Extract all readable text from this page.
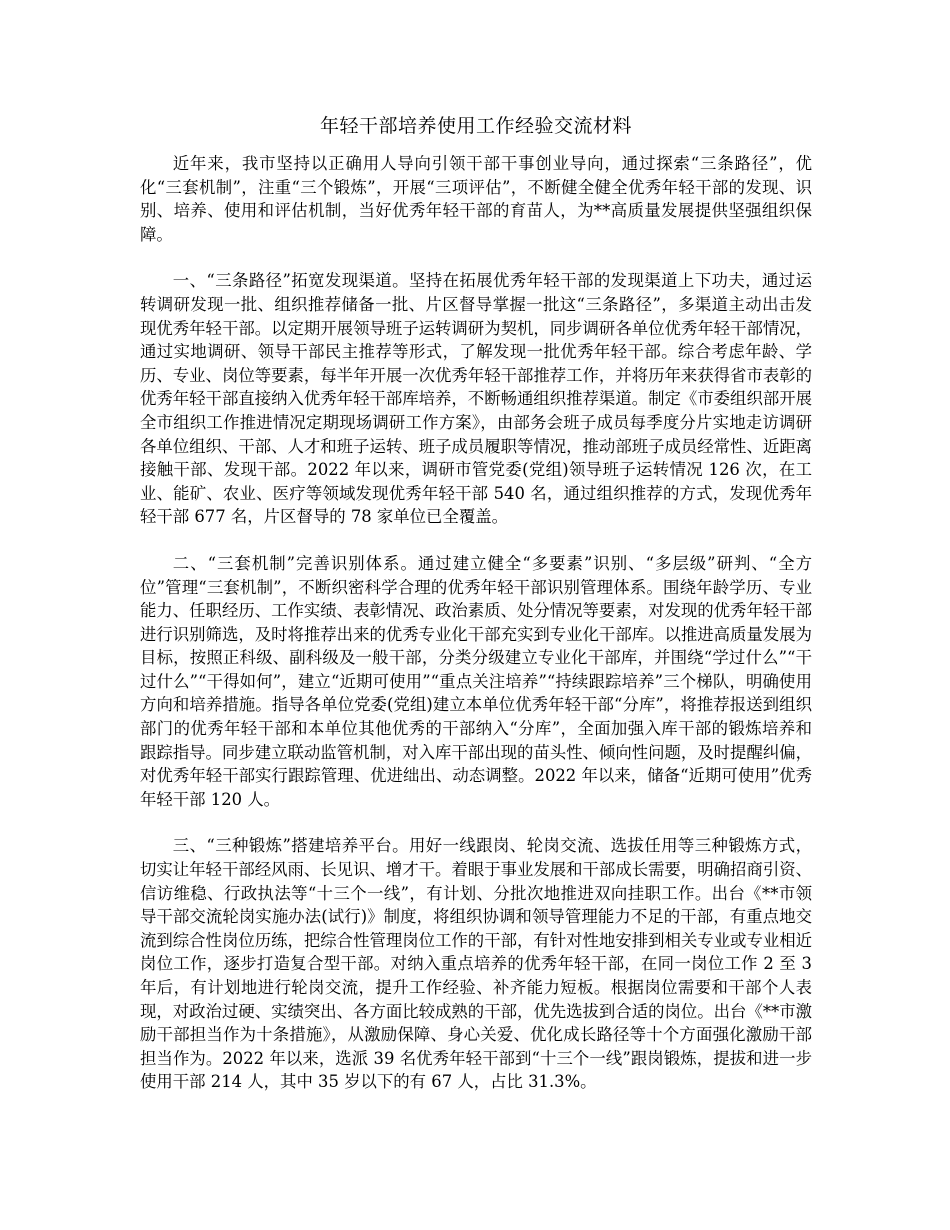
年轻干部培养使用工作经验交流材料

近年来，我市坚持以正确用人导向引领干部干事创业导向，通过探索“三条路径”，优化“三套机制”，注重“三个锻炼”，开展“三项评估”，不断健全健全优秀年轻干部的发现、识别、培养、使用和评估机制，当好优秀年轻干部的育苗人，为**高质量发展提供坚强组织保障。

一、“三条路径”拓宽发现渠道。坚持在拓展优秀年轻干部的发现渠道上下功夫，通过运转调研发现一批、组织推荐储备一批、片区督导掌握一批这“三条路径”，多渠道主动出击发现优秀年轻干部。以定期开展领导班子运转调研为契机，同步调研各单位优秀年轻干部情况，通过实地调研、领导干部民主推荐等形式，了解发现一批优秀年轻干部。综合考虑年龄、学历、专业、岗位等要素，每半年开展一次优秀年轻干部推荐工作，并将历年来获得省市表彰的优秀年轻干部直接纳入优秀年轻干部库培养，不断畅通组织推荐渠道。制定《市委组织部开展全市组织工作推进情况定期现场调研工作方案》，由部务会班子成员每季度分片实地走访调研各单位组织、干部、人才和班子运转、班子成员履职等情况，推动部班子成员经常性、近距离接触干部、发现干部。2022 年以来，调研市管党委(党组)领导班子运转情况 126 次，在工业、能矿、农业、医疗等领域发现优秀年轻干部 540 名，通过组织推荐的方式，发现优秀年轻干部 677 名，片区督导的 78 家单位已全覆盖。

二、“三套机制”完善识别体系。通过建立健全“多要素”识别、“多层级”研判、“全方位”管理“三套机制”，不断织密科学合理的优秀年轻干部识别管理体系。围绕年龄学历、专业能力、任职经历、工作实绩、表彰情况、政治素质、处分情况等要素，对发现的优秀年轻干部进行识别筛选，及时将推荐出来的优秀专业化干部充实到专业化干部库。以推进高质量发展为目标，按照正科级、副科级及一般干部，分类分级建立专业化干部库，并围绕“学过什么”“干过什么”“干得如何”，建立“近期可使用”“重点关注培养”“持续跟踪培养”三个梯队，明确使用方向和培养措施。指导各单位党委(党组)建立本单位优秀年轻干部“分库”，将推荐报送到组织部门的优秀年轻干部和本单位其他优秀的干部纳入“分库”，全面加强入库干部的锻炼培养和跟踪指导。同步建立联动监管机制，对入库干部出现的苗头性、倾向性问题，及时提醒纠偏，对优秀年轻干部实行跟踪管理、优进绌出、动态调整。2022 年以来，储备“近期可使用”优秀年轻干部 120 人。

三、“三种锻炼”搭建培养平台。用好一线跟岗、轮岗交流、选拔任用等三种锻炼方式，切实让年轻干部经风雨、长见识、增才干。着眼于事业发展和干部成长需要，明确招商引资、信访维稳、行政执法等“十三个一线”，有计划、分批次地推进双向挂职工作。出台《**市领导干部交流轮岗实施办法(试行)》制度，将组织协调和领导管理能力不足的干部，有重点地交流到综合性岗位历练，把综合性管理岗位工作的干部，有针对性地安排到相关专业或专业相近岗位工作，逐步打造复合型干部。对纳入重点培养的优秀年轻干部，在同一岗位工作 2 至 3 年后，有计划地进行轮岗交流，提升工作经验、补齐能力短板。根据岗位需要和干部个人表现，对政治过硬、实绩突出、各方面比较成熟的干部，优先选拔到合适的岗位。出台《**市激励干部担当作为十条措施》，从激励保障、身心关爱、优化成长路径等十个方面强化激励干部担当作为。2022 年以来，选派 39 名优秀年轻干部到“十三个一线”跟岗锻炼，提拔和进一步使用干部 214 人，其中 35 岁以下的有 67 人，占比 31.3%。
